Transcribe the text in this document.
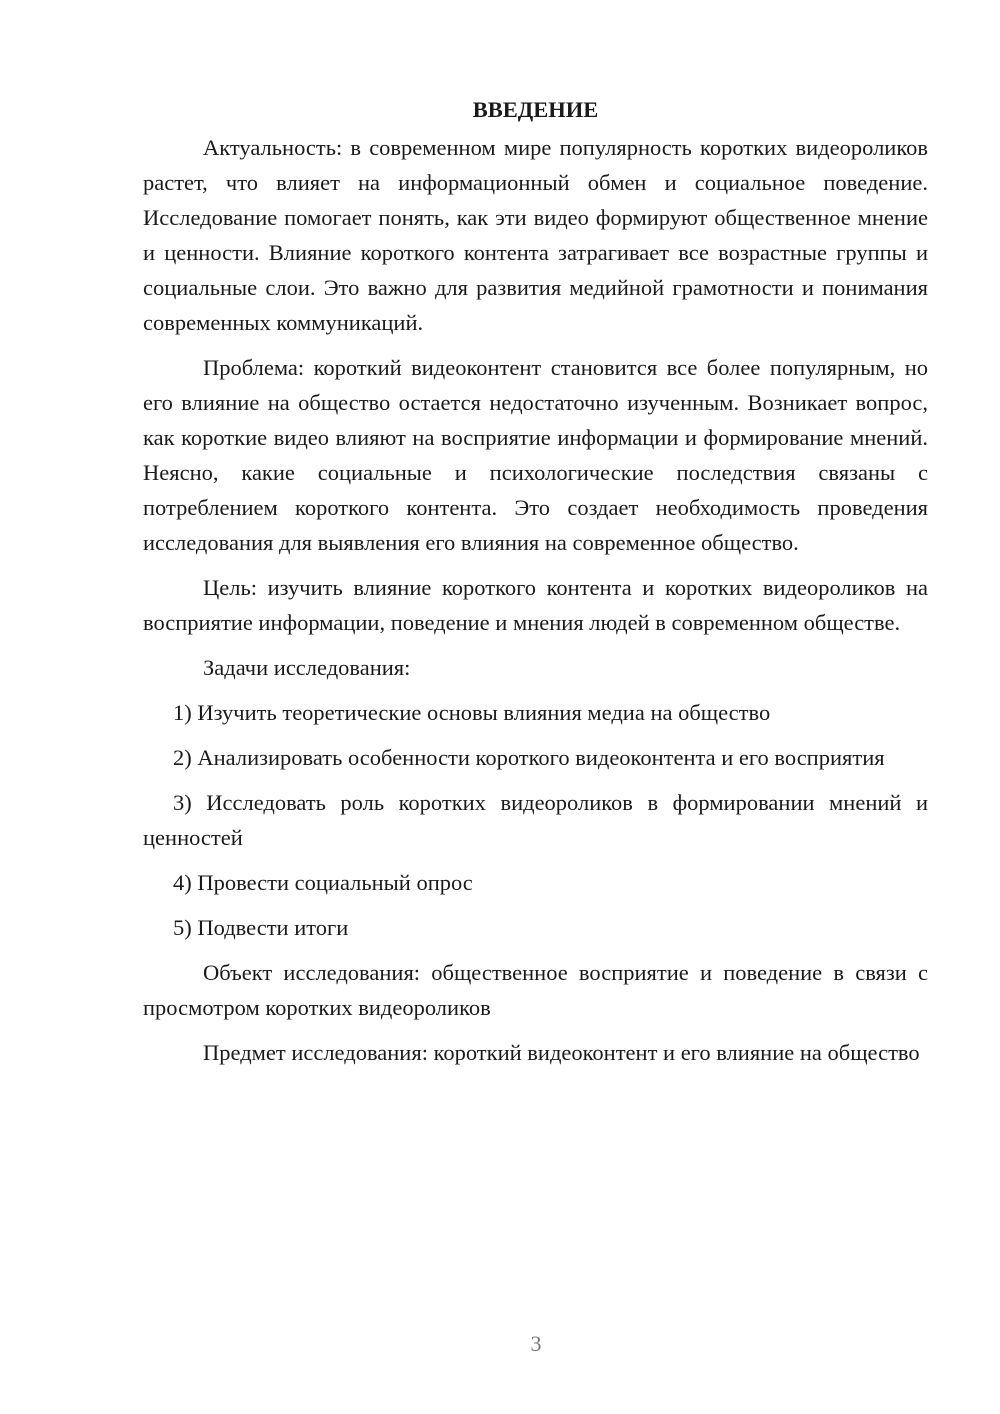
ВВЕДЕНИЕ

Актуальность: в современном мире популярность коротких видеороликов растет, что влияет на информационный обмен и социальное поведение. Исследование помогает понять, как эти видео формируют общественное мнение и ценности. Влияние короткого контента затрагивает все возрастные группы и социальные слои. Это важно для развития медийной грамотности и понимания современных коммуникаций.

Проблема: короткий видеоконтент становится все более популярным, но его влияние на общество остается недостаточно изученным. Возникает вопрос, как короткие видео влияют на восприятие информации и формирование мнений. Неясно, какие социальные и психологические последствия связаны с потреблением короткого контента. Это создает необходимость проведения исследования для выявления его влияния на современное общество.

Цель: изучить влияние короткого контента и коротких видеороликов на восприятие информации, поведение и мнения людей в современном обществе.

Задачи исследования:

1) Изучить теоретические основы влияния медиа на общество

2) Анализировать особенности короткого видеоконтента и его восприятия

3) Исследовать роль коротких видеороликов в формировании мнений и ценностей

4) Провести социальный опрос

5) Подвести итоги

Объект исследования: общественное восприятие и поведение в связи с просмотром коротких видеороликов

Предмет исследования: короткий видеоконтент и его влияние на общество

3
